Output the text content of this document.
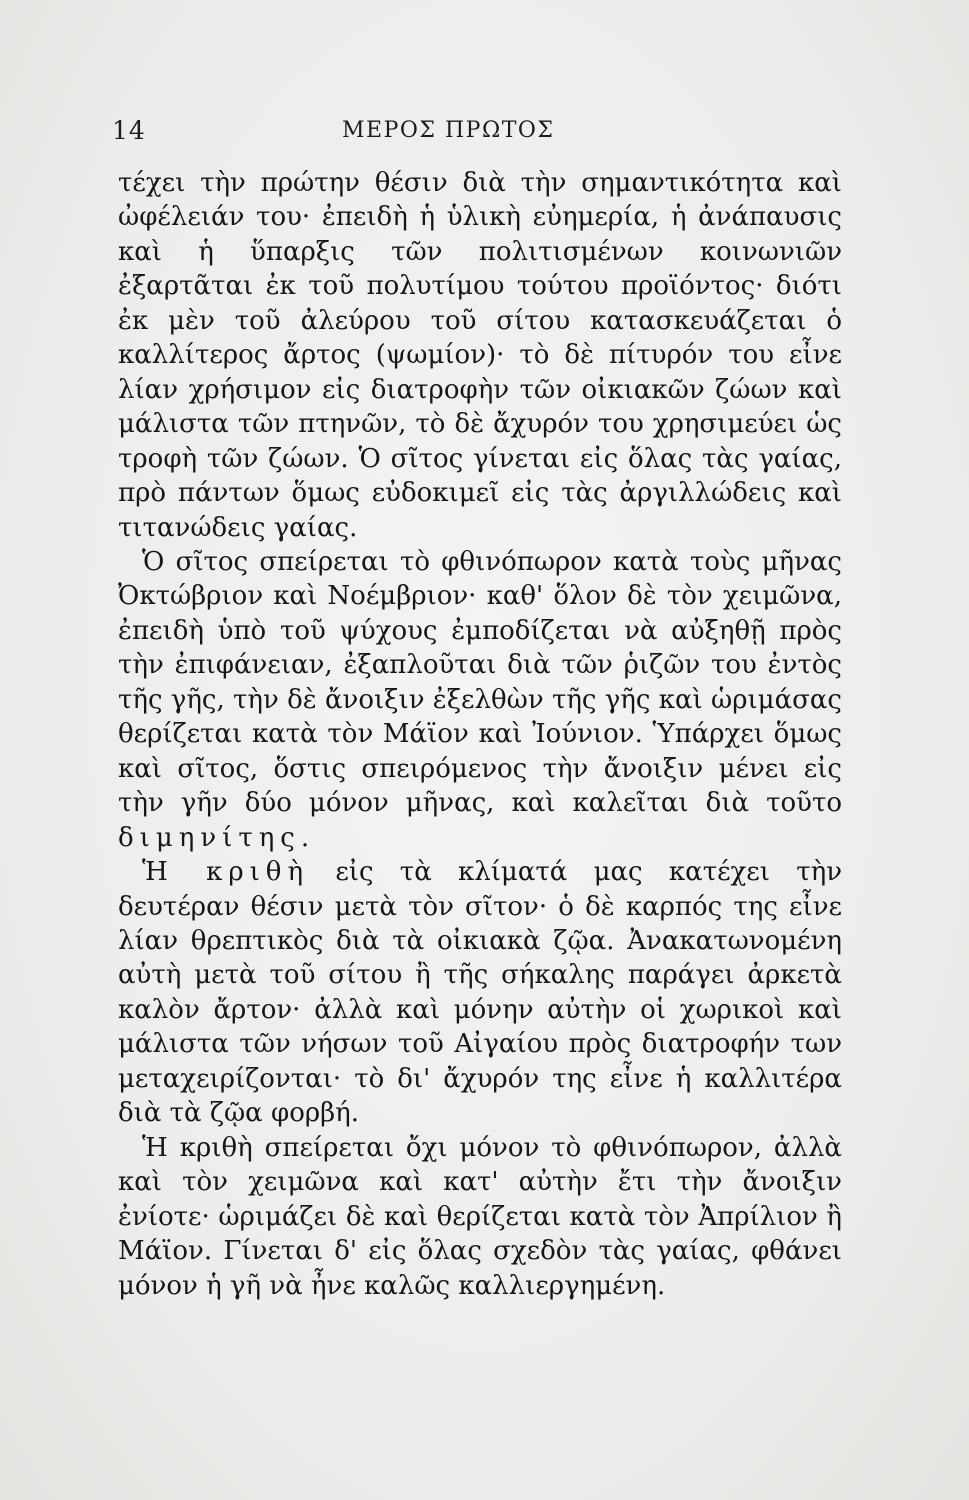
14	ΜΕΡΟΣ ΠΡΩΤΟΣ

τέχει τὴν πρώτην θέσιν διὰ τὴν σημαντικότητα καὶ ὠφέλειάν του· ἐπειδὴ ἡ ὑλικὴ εὐημερία, ἡ ἀνάπαυσις καὶ ἡ ὕπαρξις τῶν πολιτισμένων κοινωνιῶν ἐξαρτᾶται ἐκ τοῦ πολυτίμου τούτου προϊόντος· διότι ἐκ μὲν τοῦ ἀλεύρου τοῦ σίτου κατασκευάζεται ὁ καλλίτερος ἄρτος (ψωμίον)· τὸ δὲ πίτυρόν του εἶνε λίαν χρήσιμον εἰς διατροφὴν τῶν οἰκιακῶν ζώων καὶ μάλιστα τῶν πτηνῶν, τὸ δὲ ἄχυρόν του χρησιμεύει ὡς τροφὴ τῶν ζώων. Ὁ σῖτος γίνεται εἰς ὅλας τὰς γαίας, πρὸ πάντων ὅμως εὐδοκιμεῖ εἰς τὰς ἀργιλλώδεις καὶ τιτανώδεις γαίας.

Ὁ σῖτος σπείρεται τὸ φθινόπωρον κατὰ τοὺς μῆνας Ὀκτώβριον καὶ Νοέμβριον· καθ' ὅλον δὲ τὸν χειμῶνα, ἐπειδὴ ὑπὸ τοῦ ψύχους ἐμποδίζεται νὰ αὐξηθῇ πρὸς τὴν ἐπιφάνειαν, ἐξαπλοῦται διὰ τῶν ῥιζῶν του ἐντὸς τῆς γῆς, τὴν δὲ ἄνοιξιν ἐξελθὼν τῆς γῆς καὶ ὡριμάσας θερίζεται κατὰ τὸν Μάϊον καὶ Ἰούνιον. Ὑπάρχει ὅμως καὶ σῖτος, ὅστις σπειρόμενος τὴν ἄνοιξιν μένει εἰς τὴν γῆν δύο μόνον μῆνας, καὶ καλεῖται διὰ τοῦτο διμηνίτης.

Ἡ κριθὴ εἰς τὰ κλίματά μας κατέχει τὴν δευτέραν θέσιν μετὰ τὸν σῖτον· ὁ δὲ καρπός της εἶνε λίαν θρεπτικὸς διὰ τὰ οἰκιακὰ ζῷα. Ἀνακατωνομένη αὐτὴ μετὰ τοῦ σίτου ἢ τῆς σήκαλης παράγει ἀρκετὰ καλὸν ἄρτον· ἀλλὰ καὶ μόνην αὐτὴν οἱ χωρικοὶ καὶ μάλιστα τῶν νήσων τοῦ Αἰγαίου πρὸς διατροφήν των μεταχειρίζονται· τὸ δι' ἄχυρόν της εἶνε ἡ καλλιτέρα διὰ τὰ ζῷα φορβή.

Ἡ κριθὴ σπείρεται ὄχι μόνον τὸ φθινόπωρον, ἀλλὰ καὶ τὸν χειμῶνα καὶ κατ' αὐτὴν ἔτι τὴν ἄνοιξιν ἐνίοτε· ὡριμάζει δὲ καὶ θερίζεται κατὰ τὸν Ἀπρίλιον ἢ Μάϊον. Γίνεται δ' εἰς ὅλας σχεδὸν τὰς γαίας, φθάνει μόνον ἡ γῆ νὰ ἦνε καλῶς καλλιεργημένη.
